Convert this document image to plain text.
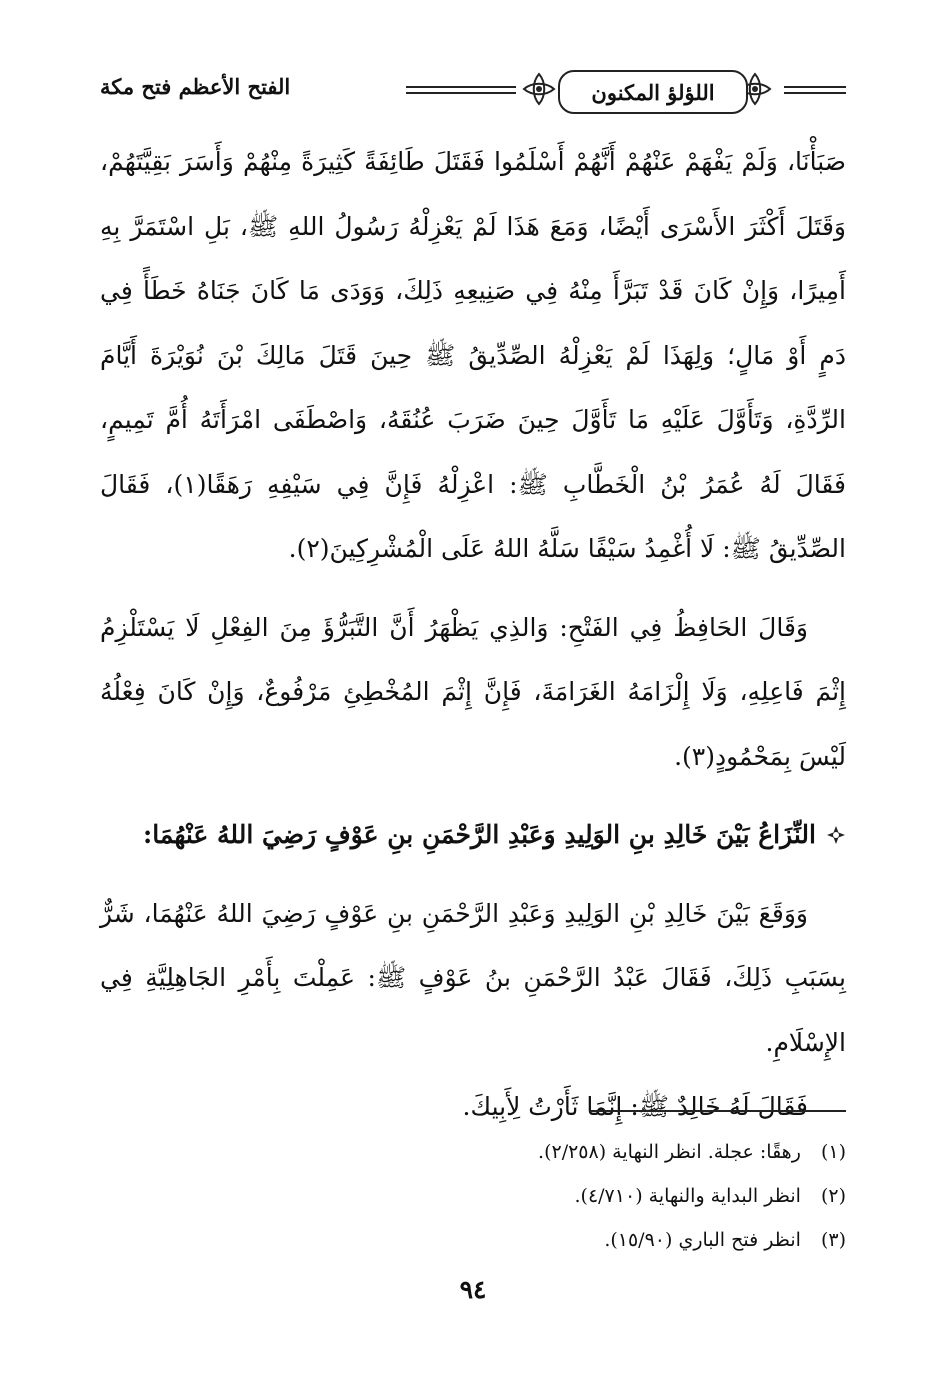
اللؤلؤ المكنون
الفتح الأعظم فتح مكة

صَبَأْنَا، وَلَمْ يَفْهَمْ عَنْهُمْ أَنَّهُمْ أَسْلَمُوا فَقَتَلَ طَائِفَةً كَثِيرَةً مِنْهُمْ وَأَسَرَ بَقِيَّتَهُمْ، وَقَتَلَ أَكْثَرَ الأَسْرَى أَيْضًا، وَمَعَ هَذَا لَمْ يَعْزِلْهُ رَسُولُ اللهِ ﷺ، بَلِ اسْتَمَرَّ بِهِ أَمِيرًا، وَإِنْ كَانَ قَدْ تَبَرَّأَ مِنْهُ فِي صَنِيعِهِ ذَلِكَ، وَوَدَى مَا كَانَ جَنَاهُ خَطَأً فِي دَمٍ أَوْ مَالٍ؛ وَلِهَذَا لَمْ يَعْزِلْهُ الصِّدِّيقُ ﷺ حِينَ قَتَلَ مَالِكَ بْنَ نُوَيْرَةَ أَيَّامَ الرِّدَّةِ، وَتَأَوَّلَ عَلَيْهِ مَا تَأَوَّلَ حِينَ ضَرَبَ عُنُقَهُ، وَاصْطَفَى امْرَأَتَهُ أُمَّ تَمِيمٍ، فَقَالَ لَهُ عُمَرُ بْنُ الْخَطَّابِ ﷺ: اعْزِلْهُ فَإِنَّ فِي سَيْفِهِ رَهَقًا(١)، فَقَالَ الصِّدِّيقُ ﷺ: لَا أُغْمِدُ سَيْفًا سَلَّهُ اللهُ عَلَى الْمُشْرِكِينَ(٢).

وَقَالَ الحَافِظُ فِي الفَتْحِ: وَالذِي يَظْهَرُ أَنَّ التَّبَرُّؤَ مِنَ الفِعْلِ لَا يَسْتَلْزِمُ إِثْمَ فَاعِلِهِ، وَلَا إِلْزَامَهُ الغَرَامَةَ، فَإِنَّ إِثْمَ المُخْطِئِ مَرْفُوعٌ، وَإِنْ كَانَ فِعْلُهُ لَيْسَ بِمَحْمُودٍ(٣).

النِّزَاعُ بَيْنَ خَالِدِ بنِ الوَلِيدِ وَعَبْدِ الرَّحْمَنِ بنِ عَوْفٍ رَضِيَ اللهُ عَنْهُمَا:

وَوَقَعَ بَيْنَ خَالِدِ بْنِ الوَلِيدِ وَعَبْدِ الرَّحْمَنِ بنِ عَوْفٍ رَضِيَ اللهُ عَنْهُمَا، شَرٌّ بِسَبَبِ ذَلِكَ، فَقَالَ عَبْدُ الرَّحْمَنِ بنُ عَوْفٍ ﷺ: عَمِلْتَ بِأَمْرِ الجَاهِلِيَّةِ فِي الإِسْلَامِ.

فَقَالَ لَهُ خَالِدٌ ﷺ: إِنَّمَا ثَأَرْتُ لِأَبِيكَ.

(١) رهقًا: عجلة. انظر النهاية (٢/٢٥٨).
(٢) انظر البداية والنهاية (٤/٧١٠).
(٣) انظر فتح الباري (١٥/٩٠).
٩٤
